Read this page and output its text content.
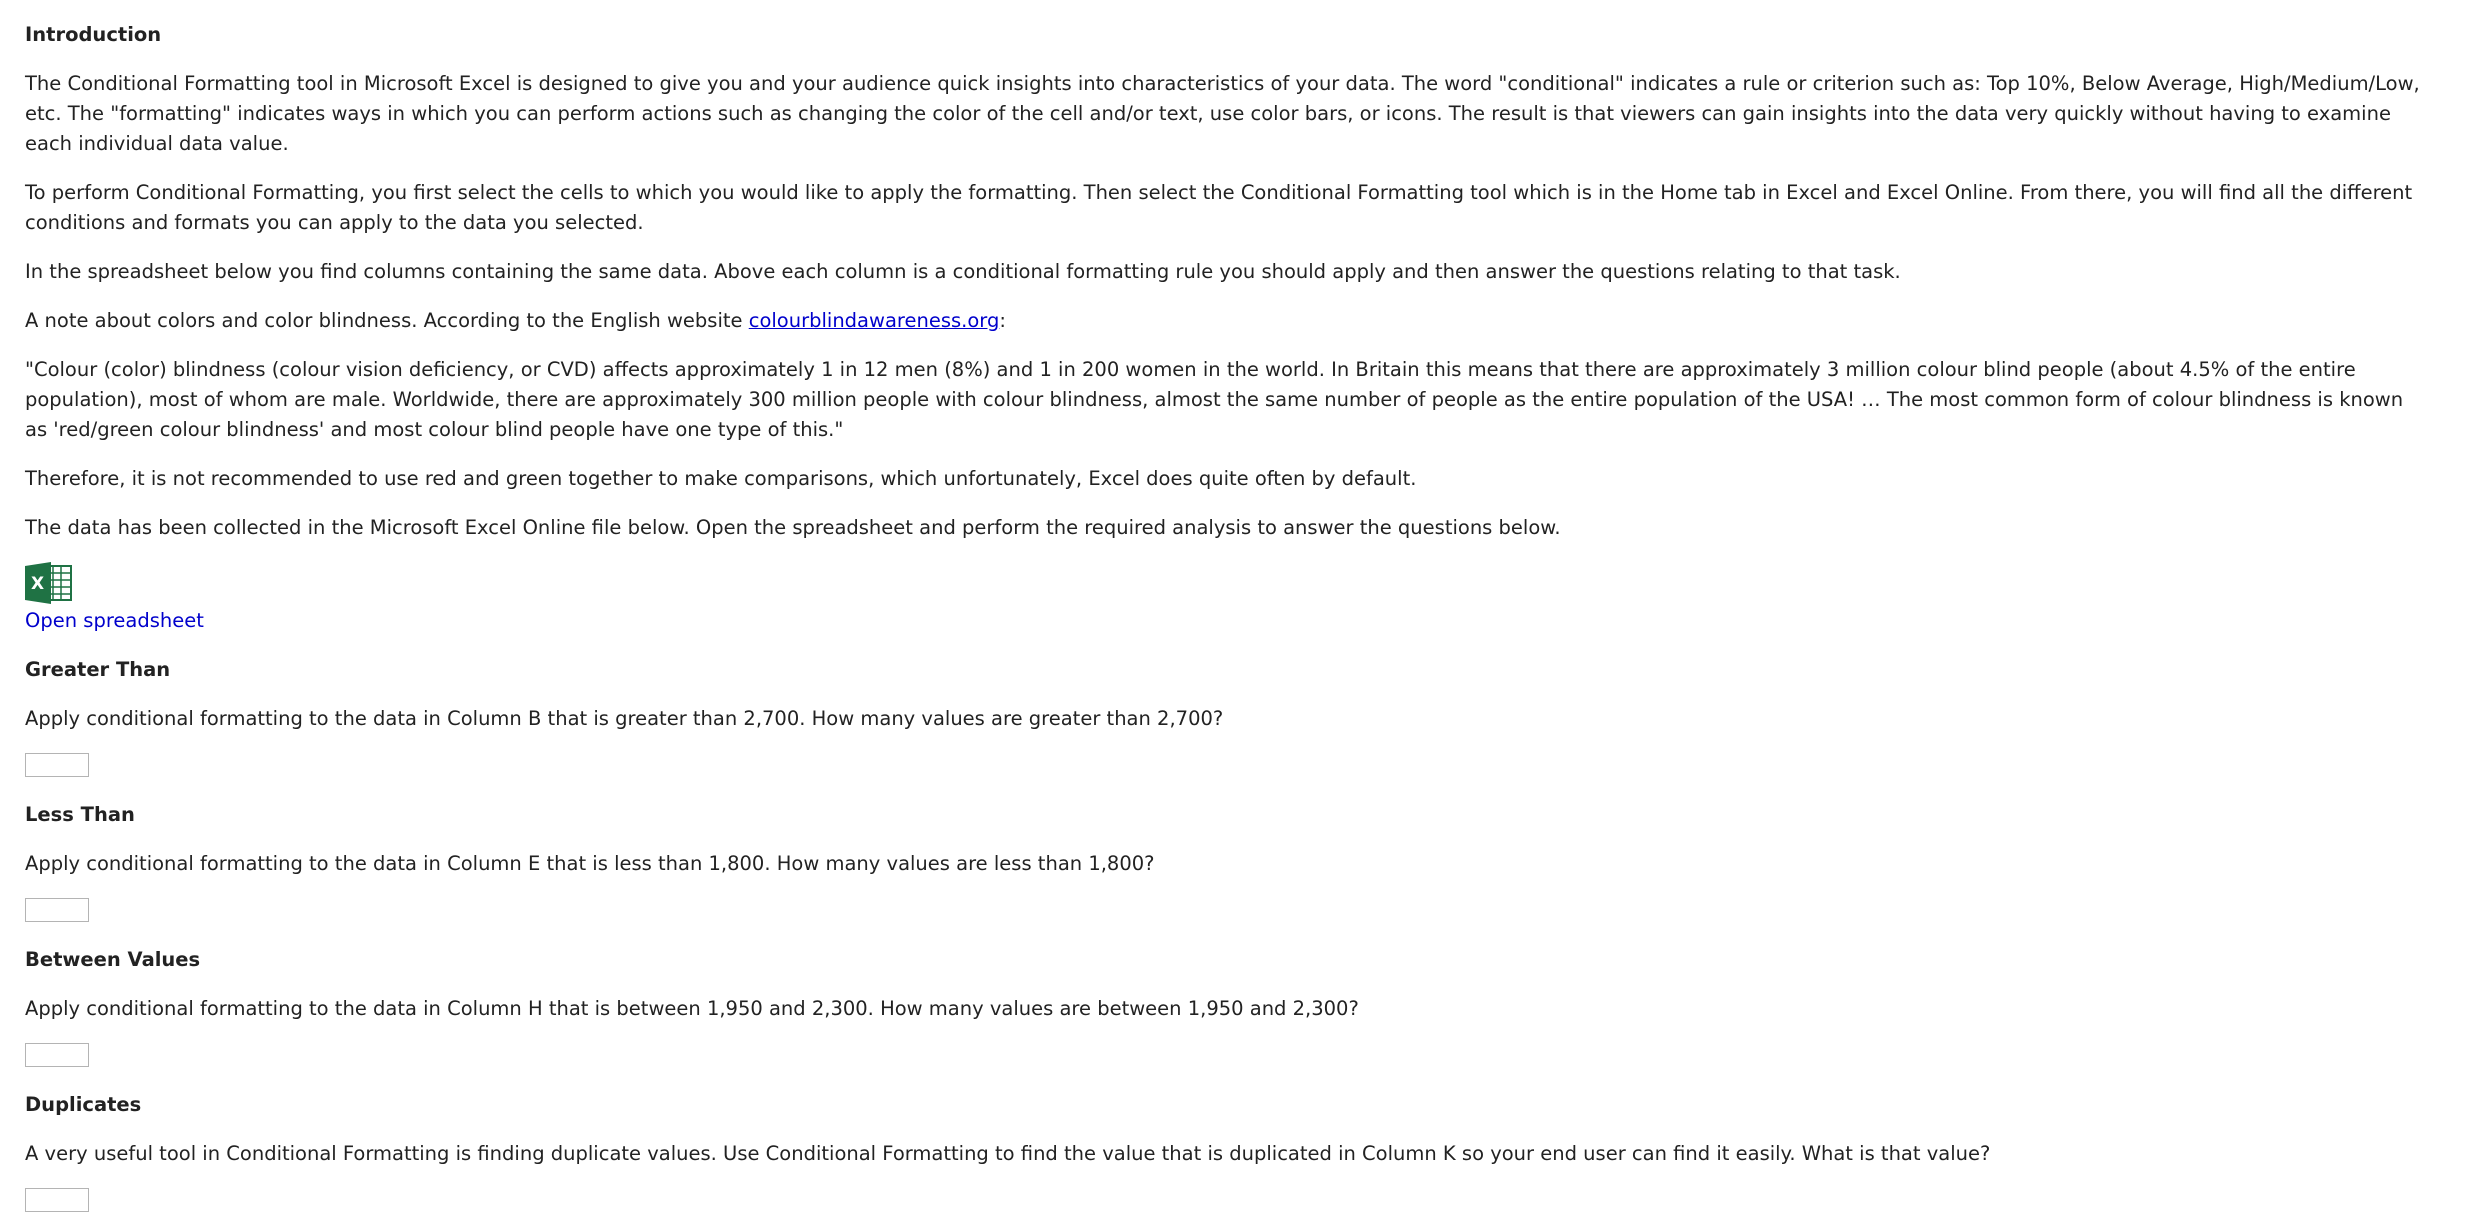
Introduction

The Conditional Formatting tool in Microsoft Excel is designed to give you and your audience quick insights into characteristics of your data. The word "conditional" indicates a rule or criterion such as: Top 10%, Below Average, High/Medium/Low, etc. The "formatting" indicates ways in which you can perform actions such as changing the color of the cell and/or text, use color bars, or icons. The result is that viewers can gain insights into the data very quickly without having to examine each individual data value.

To perform Conditional Formatting, you first select the cells to which you would like to apply the formatting. Then select the Conditional Formatting tool which is in the Home tab in Excel and Excel Online. From there, you will find all the different conditions and formats you can apply to the data you selected.

In the spreadsheet below you find columns containing the same data. Above each column is a conditional formatting rule you should apply and then answer the questions relating to that task.

A note about colors and color blindness. According to the English website colourblindawareness.org:

"Colour (color) blindness (colour vision deficiency, or CVD) affects approximately 1 in 12 men (8%) and 1 in 200 women in the world. In Britain this means that there are approximately 3 million colour blind people (about 4.5% of the entire population), most of whom are male. Worldwide, there are approximately 300 million people with colour blindness, almost the same number of people as the entire population of the USA! … The most common form of colour blindness is known as 'red/green colour blindness' and most colour blind people have one type of this."

Therefore, it is not recommended to use red and green together to make comparisons, which unfortunately, Excel does quite often by default.

The data has been collected in the Microsoft Excel Online file below. Open the spreadsheet and perform the required analysis to answer the questions below.

X
Open spreadsheet
Greater Than

Apply conditional formatting to the data in Column B that is greater than 2,700. How many values are greater than 2,700?

Less Than

Apply conditional formatting to the data in Column E that is less than 1,800. How many values are less than 1,800?

Between Values

Apply conditional formatting to the data in Column H that is between 1,950 and 2,300. How many values are between 1,950 and 2,300?

Duplicates

A very useful tool in Conditional Formatting is finding duplicate values. Use Conditional Formatting to find the value that is duplicated in Column K so your end user can find it easily. What is that value?
